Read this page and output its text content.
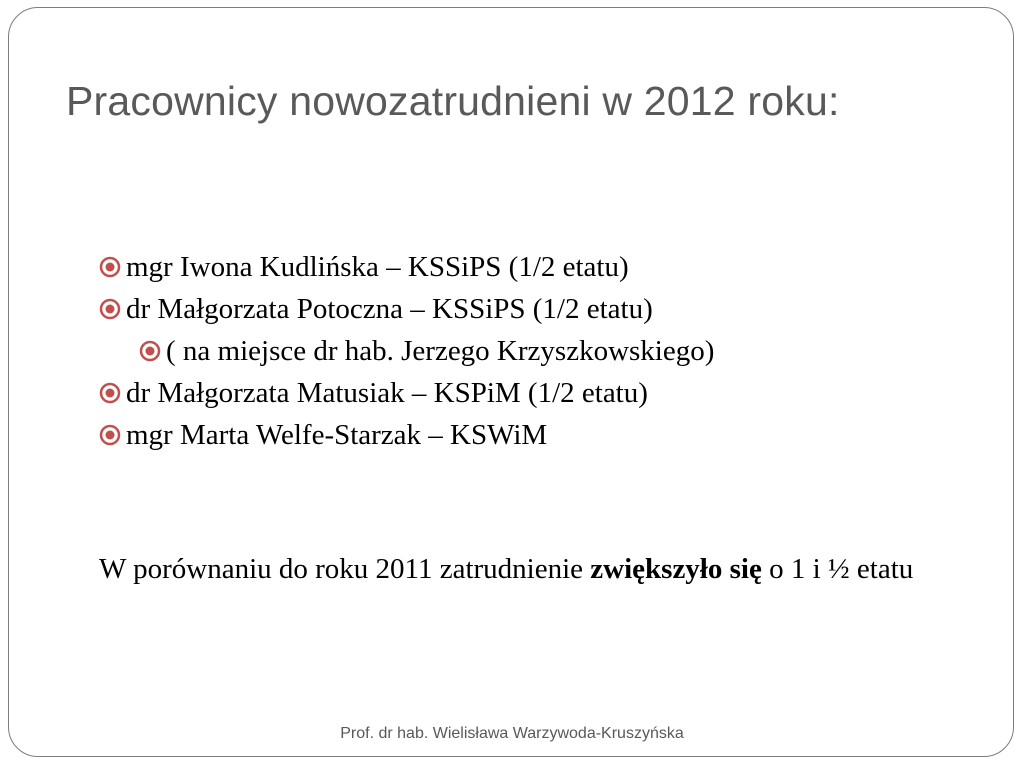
Pracownicy nowozatrudnieni w 2012 roku:
mgr Iwona Kudlińska – KSSiPS (1/2 etatu)
dr Małgorzata Potoczna – KSSiPS (1/2 etatu)
( na miejsce dr hab. Jerzego Krzyszkowskiego)
dr Małgorzata Matusiak – KSPiM (1/2 etatu)
mgr Marta Welfe-Starzak – KSWiM

W porównaniu do roku 2011 zatrudnienie zwiększyło się o 1 i ½ etatu

Prof. dr hab. Wielisława Warzywoda-Kruszyńska
